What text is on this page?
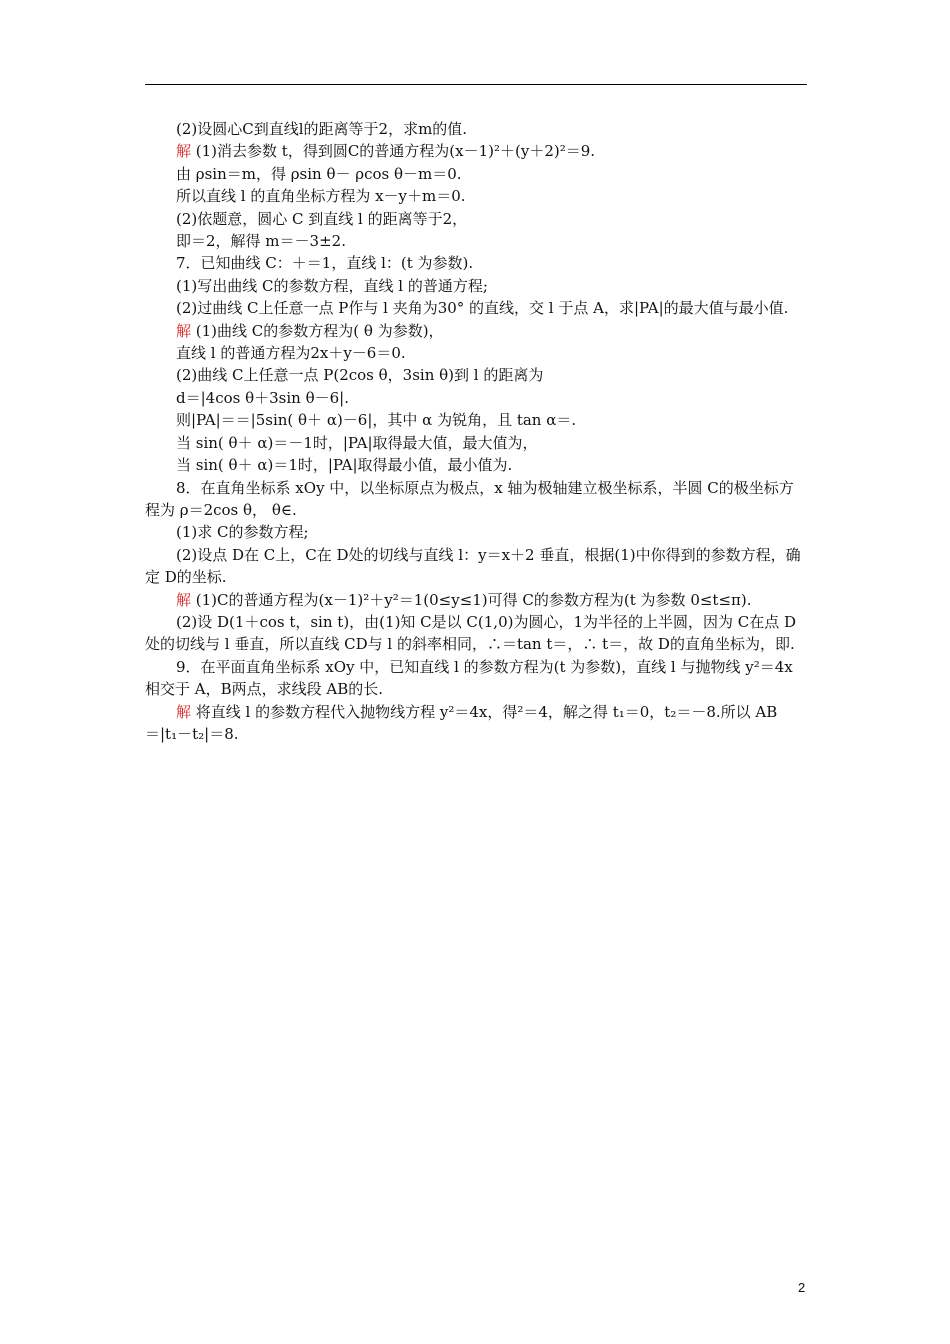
(2)设圆心C到直线l的距离等于2，求m的值.

解 (1)消去参数 t，得到圆C的普通方程为(x－1)²＋(y＋2)²＝9.

由 ρsin＝m，得 ρsin θ－ ρcos θ－m＝0.

所以直线 l 的直角坐标方程为 x－y＋m＝0.

(2)依题意，圆心 C 到直线 l 的距离等于2，

即＝2，解得 m＝－3±2.

7．已知曲线 C：＋＝1，直线 l：(t 为参数).

(1)写出曲线 C的参数方程，直线 l 的普通方程;

(2)过曲线 C上任意一点 P作与 l 夹角为30° 的直线，交 l 于点 A，求|PA|的最大值与最小值.

解 (1)曲线 C的参数方程为( θ 为参数)，

直线 l 的普通方程为2x＋y－6＝0.

(2)曲线 C上任意一点 P(2cos θ，3sin θ)到 l 的距离为

d＝|4cos θ＋3sin θ－6|.

则|PA|＝＝|5sin( θ＋ α)－6|，其中 α 为锐角，且 tan α＝.

当 sin( θ＋ α)＝－1时，|PA|取得最大值，最大值为，

当 sin( θ＋ α)＝1时，|PA|取得最小值，最小值为.

8．在直角坐标系 xOy 中，以坐标原点为极点，x 轴为极轴建立极坐标系，半圆 C的极坐标方程为 ρ＝2cos θ， θ∈.

(1)求 C的参数方程;

(2)设点 D在 C上，C在 D处的切线与直线 l：y＝x＋2 垂直，根据(1)中你得到的参数方程，确定 D的坐标.

解 (1)C的普通方程为(x－1)²＋y²＝1(0≤y≤1)可得 C的参数方程为(t 为参数 0≤t≤π).

(2)设 D(1＋cos t，sin t)，由(1)知 C是以 C(1,0)为圆心，1为半径的上半圆，因为 C在点 D处的切线与 l 垂直，所以直线 CD与 l 的斜率相同，∴＝tan t＝，∴ t＝，故 D的直角坐标为，即.

9．在平面直角坐标系 xOy 中，已知直线 l 的参数方程为(t 为参数)，直线 l 与抛物线 y²＝4x 相交于 A，B两点，求线段 AB的长.

解 将直线 l 的参数方程代入抛物线方程 y²＝4x，得²＝4，解之得 t₁＝0，t₂＝－8.所以 AB＝|t₁－t₂|＝8.

2
